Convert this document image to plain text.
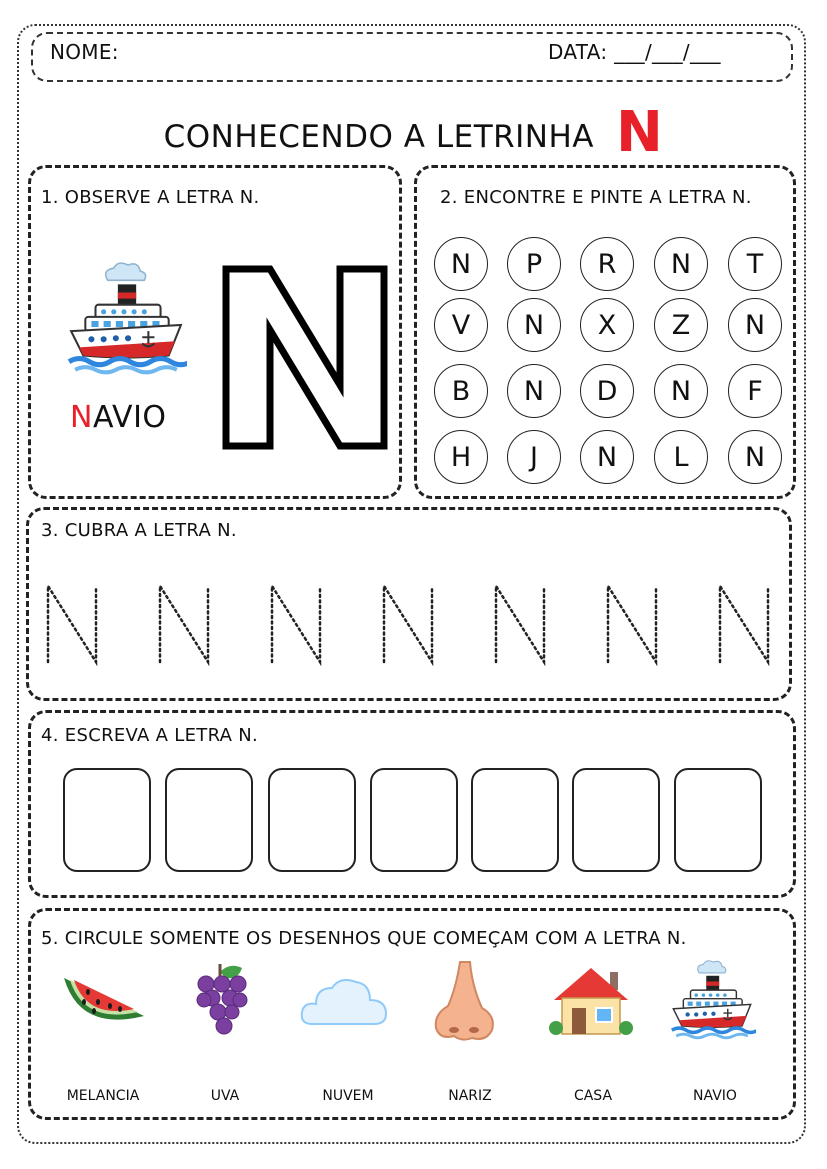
NOME:	DATA: ___/___/___
CONHECENDO A LETRINHA N
1. OBSERVE A LETRA N.
NAVIO
2. ENCONTRE E PINTE A LETRA N.
N	P	R	N	T
V	N	X	Z	N
B	N	D	N	F
H	J	N	L	N
3. CUBRA A LETRA N.
4. ESCREVA A LETRA N.
5. CIRCULE SOMENTE OS DESENHOS QUE COMEÇAM COM A LETRA N.
MELANCIA	UVA	NUVEM	NARIZ	CASA	NAVIO
